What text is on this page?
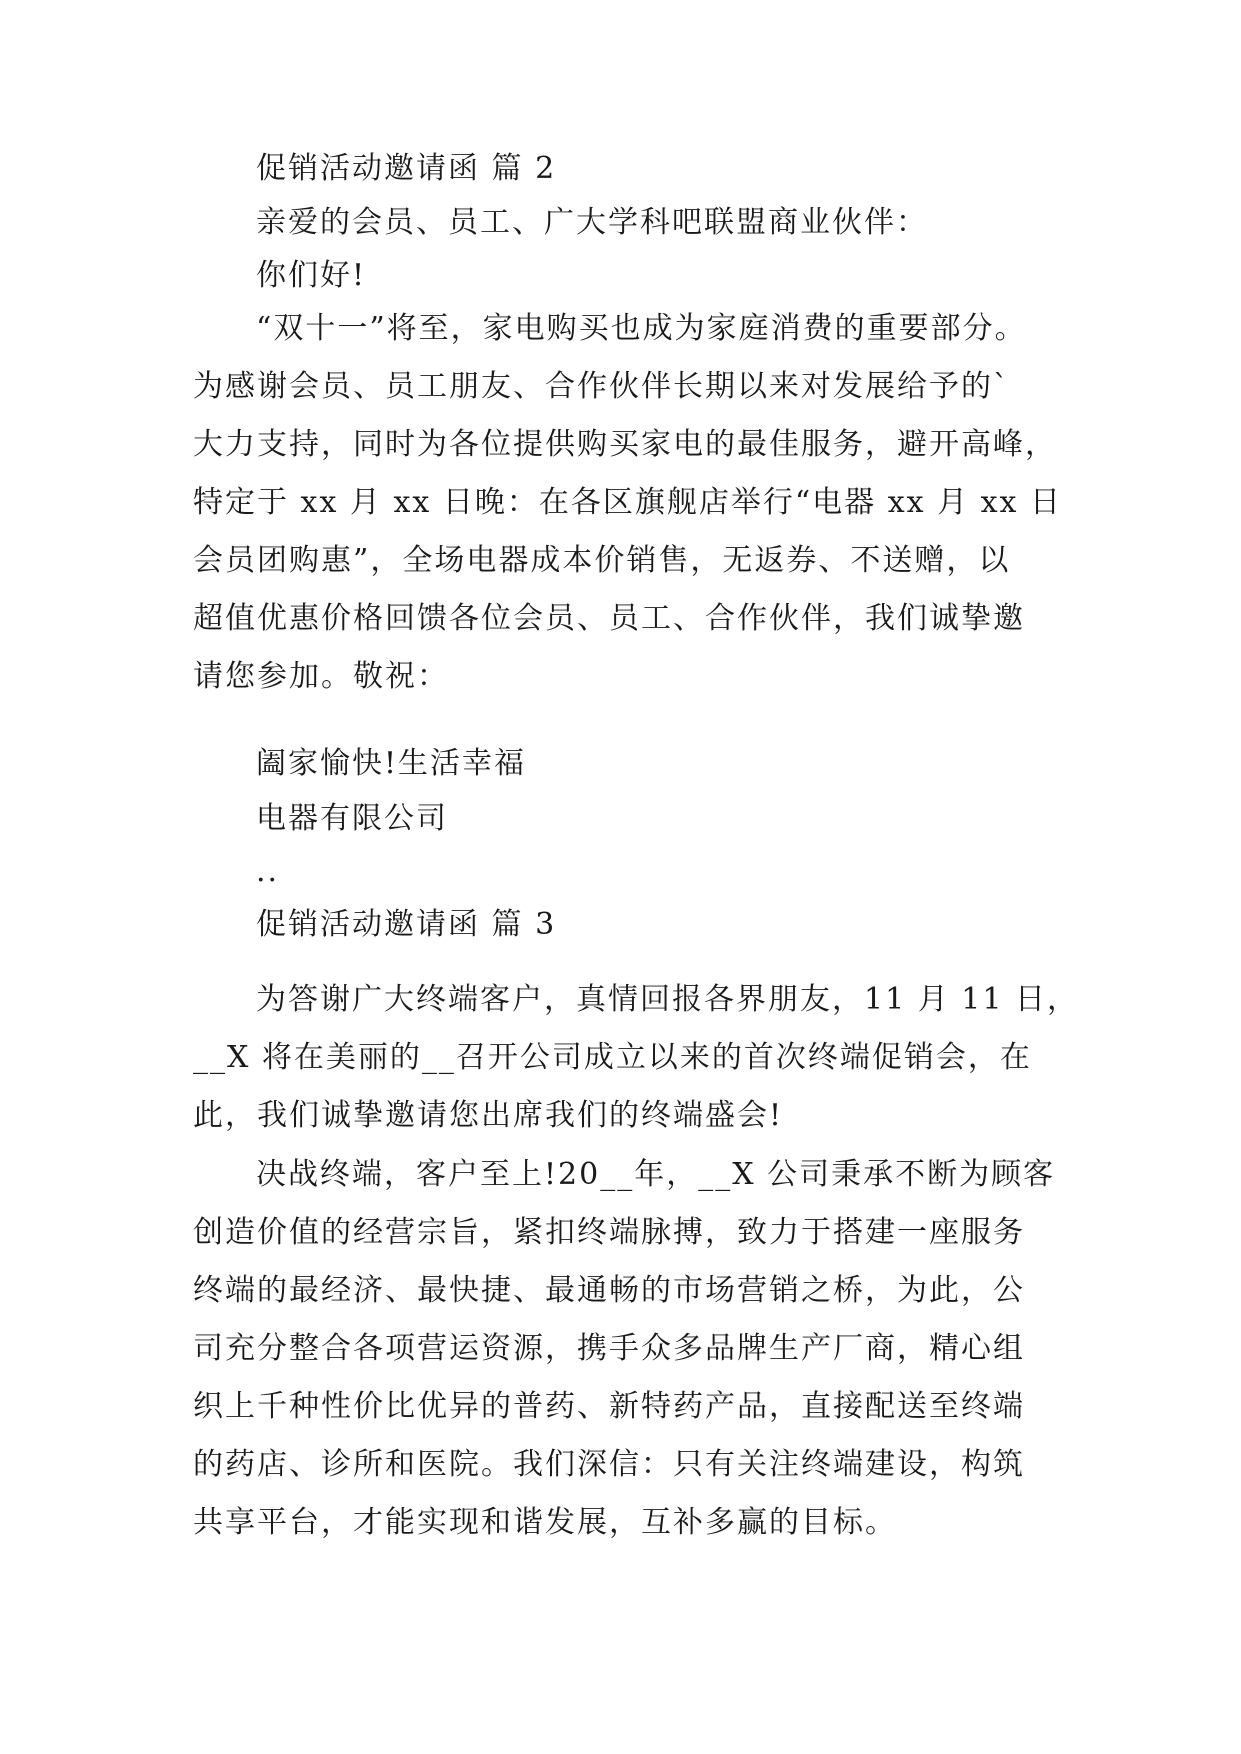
促销活动邀请函 篇 2
亲爱的会员、员工、广大学科吧联盟商业伙伴：
你们好!
“双十一”将至，家电购买也成为家庭消费的重要部分。
为感谢会员、员工朋友、合作伙伴长期以来对发展给予的`
大力支持，同时为各位提供购买家电的最佳服务，避开高峰，
特定于 xx 月 xx 日晚：在各区旗舰店举行“电器 xx 月 xx 日
会员团购惠”，全场电器成本价销售，无返券、不送赠，以
超值优惠价格回馈各位会员、员工、合作伙伴，我们诚挚邀
请您参加。敬祝：
阖家愉快!生活幸福
电器有限公司
..
促销活动邀请函 篇 3
为答谢广大终端客户，真情回报各界朋友，11 月 11 日，
__X 将在美丽的__召开公司成立以来的首次终端促销会，在
此，我们诚挚邀请您出席我们的终端盛会!
决战终端，客户至上!20__年，__X 公司秉承不断为顾客
创造价值的经营宗旨，紧扣终端脉搏，致力于搭建一座服务
终端的最经济、最快捷、最通畅的市场营销之桥，为此，公
司充分整合各项营运资源，携手众多品牌生产厂商，精心组
织上千种性价比优异的普药、新特药产品，直接配送至终端
的药店、诊所和医院。我们深信：只有关注终端建设，构筑
共享平台，才能实现和谐发展，互补多赢的目标。
